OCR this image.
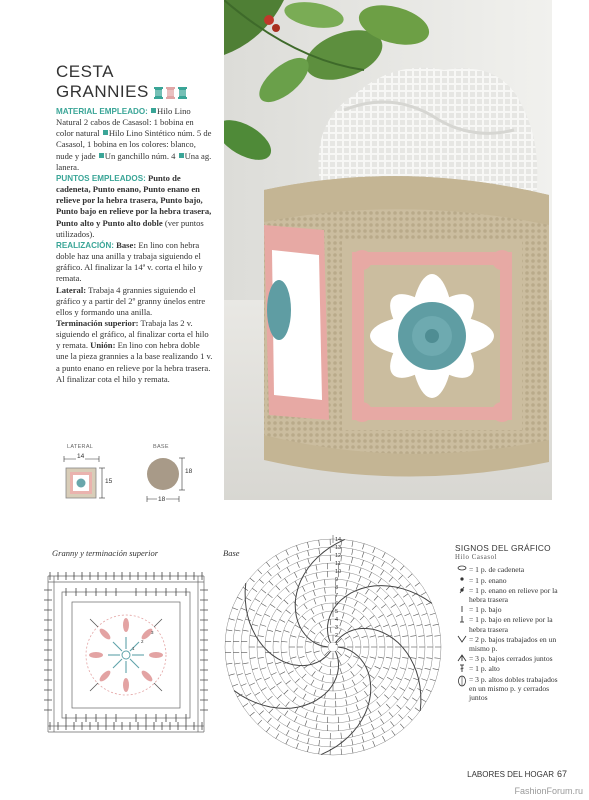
CESTA
GRANNIES

MATERIAL EMPLEADO: Hilo Lino Natural 2 cabos de Casasol: 1 bobina en color natural Hilo Lino Sintético núm. 5 de Casasol, 1 bobina en los colores: blanco, nude y jade Un ganchillo núm. 4 Una ag. lanera.

PUNTOS EMPLEADOS: Punto de cadeneta, Punto enano, Punto enano en relieve por la hebra trasera, Punto bajo, Punto bajo en relieve por la hebra trasera, Punto alto y Punto alto doble (ver puntos utilizados).

REALIZACIÓN: Base: En lino con hebra doble haz una anilla y trabaja siguiendo el gráfico. Al finalizar la 14ª v. corta el hilo y remata.

Lateral: Trabaja 4 grannies siguiendo el gráfico y a partir del 2º granny únelos entre ellos y formando una anilla.

Terminación superior: Trabaja las 2 v. siguiendo el gráfico, al finalizar corta el hilo y remata. Unión: En lino con hebra doble une la pieza grannies a la base realizando 1 v. a punto enano en relieve por la hebra trasera. Al finalizar cota el hilo y remata.

LATERAL	BASE
14
15
18
18
Granny y terminación superior
1
2
3
Base
14
13
12
11
10
9
8
7
6
5
4
3
2
1
SIGNOS DEL GRÁFICO
Hilo Casasol
= 1 p. de cadeneta
= 1 p. enano
= 1 p. enano en relieve por la hebra trasera
= 1 p. bajo
= 1 p. bajo en relieve por la hebra trasera
= 2 p. bajos trabajados en un mismo p.
= 3 p. bajos cerrados juntos
= 1 p. alto
= 3 p. altos dobles trabajados en un mismo p. y cerrados juntos
LABORES DEL HOGAR 67
FashionForum.ru
